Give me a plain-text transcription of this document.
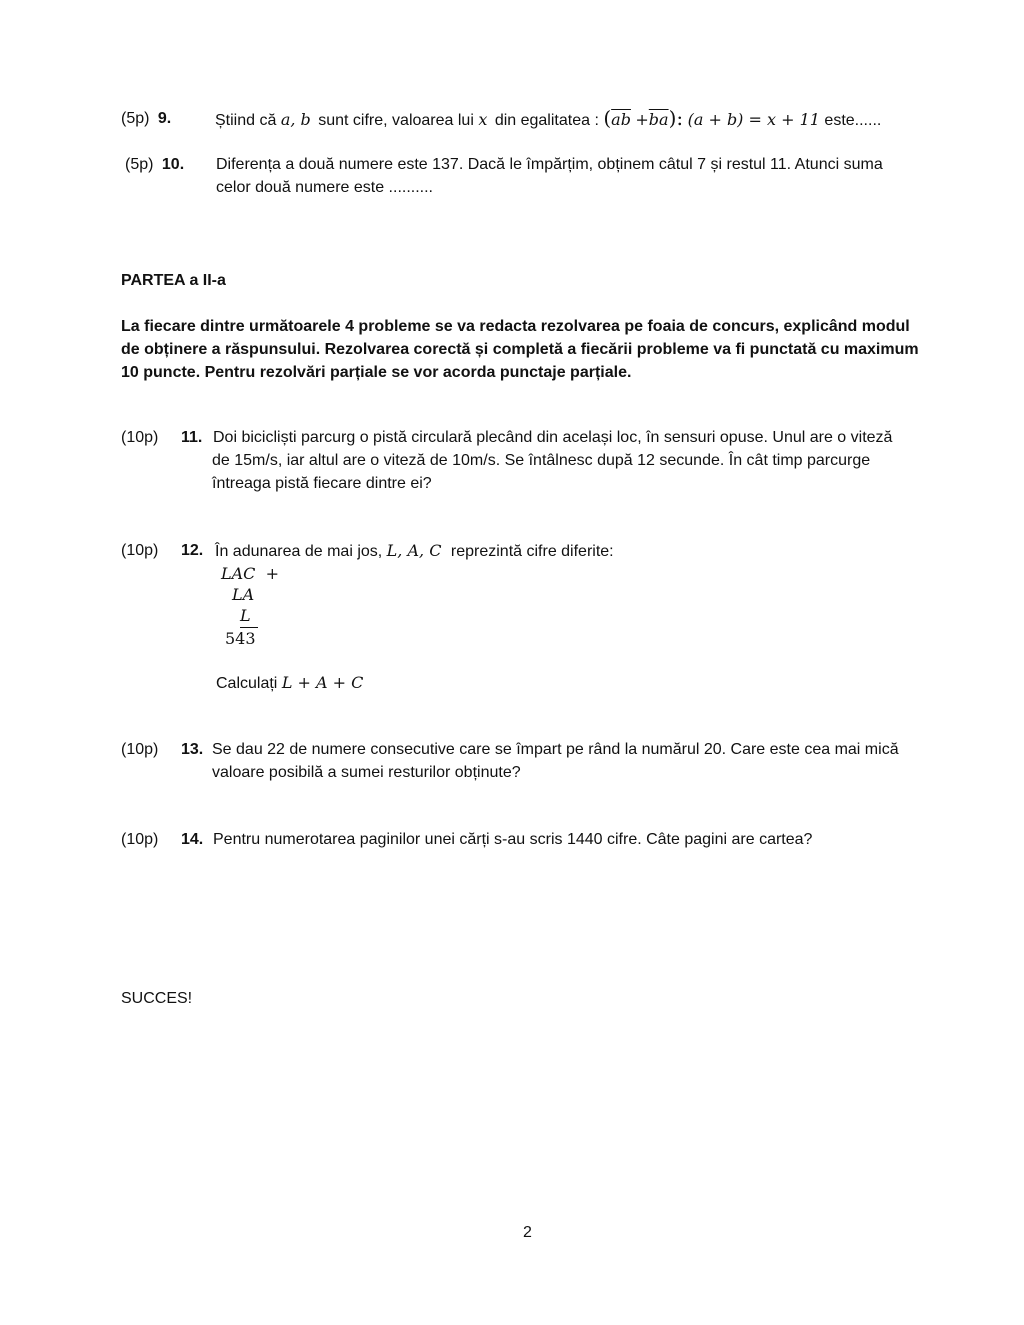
(5p) 9.	Știind că a, b sunt cifre, valoarea lui x din egalitatea : $(\overline{ab} +\overline{ba})$: (a + b) = x + 11 este......
(5p) 10. Diferența a două numere este 137. Dacă le împărțim, obținem câtul 7 și restul 11. Atunci suma
celor două numere este ..........
PARTEA a II-a
La fiecare dintre următoarele 4 probleme se va redacta rezolvarea pe foaia de concurs, explicând modul
de obținere a răspunsului. Rezolvarea corectă și completă a fiecării probleme va fi punctată cu maximum
10 puncte. Pentru rezolvări parțiale se vor acorda punctaje parțiale.
(10p) 11. Doi bicicliști parcurg o pistă circulară plecând din același loc, în sensuri opuse. Unul are o viteză
de 15m/s, iar altul are o viteză de 10m/s. Se întâlnesc după 12 secunde. În cât timp parcurge
întreaga pistă fiecare dintre ei?
(10p) 12. În adunarea de mai jos, L, A, C reprezintă cifre diferite:
LAC  +
LA
L
543
Calculați L + A + C
(10p) 13. Se dau 22 de numere consecutive care se împart pe rând la numărul 20. Care este cea mai mică
valoare posibilă a sumei resturilor obținute?
(10p) 14. Pentru numerotarea paginilor unei cărți s-au scris 1440 cifre. Câte pagini are cartea?
SUCCES!
2
